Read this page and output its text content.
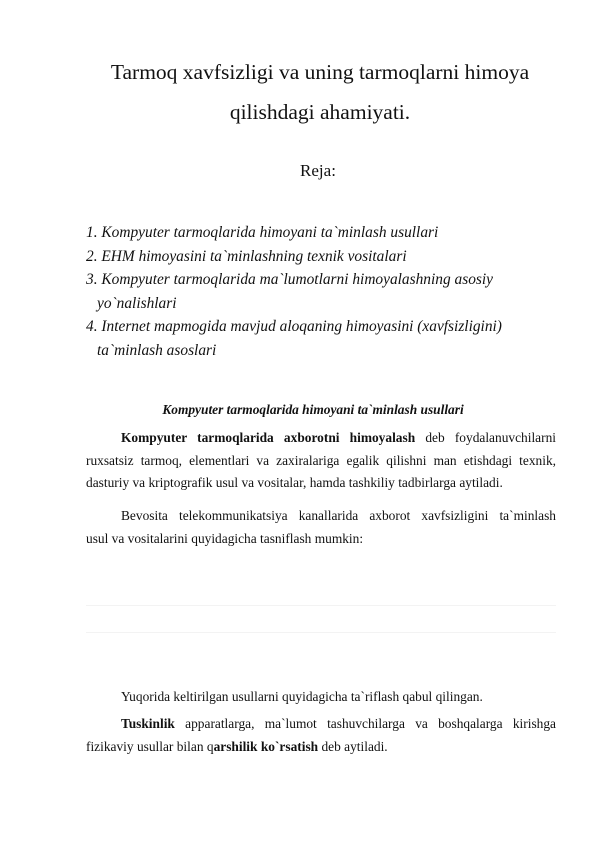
Tarmoq xavfsizligi va uning tarmoqlarni himoya
qilishdagi ahamiyati.
Reja:
1. Kompyuter tarmoqlarida himoyani ta`minlash usullari
2. EHM himoyasini ta`minlashning texnik vositalari
3. Kompyuter tarmoqlarida ma`lumotlarni himoyalashning asosiy
yo`nalishlari
4. Internet mapmogida mavjud aloqaning himoyasini (xavfsizligini)
ta`minlash asoslari
Kompyuter tarmoqlarida himoyani ta`minlash usullari
Kompyuter tarmoqlarida axborotni himoyalash deb foydalanuvchilarni
ruxsatsiz tarmoq, elementlari va zaxiralariga egalik qilishni man etishdagi texnik,
dasturiy va kriptografik usul va vositalar, hamda tashkiliy tadbirlarga aytiladi.
Bevosita telekommunikatsiya kanallarida axborot xavfsizligini ta`minlash
usul va vositalarini quyidagicha tasniflash mumkin:
Yuqorida keltirilgan usullarni quyidagicha ta`riflash qabul qilingan.
Tuskinlik apparatlarga, ma`lumot tashuvchilarga va boshqalarga kirishga
fizikaviy usullar bilan qarshilik ko`rsatish deb aytiladi.
